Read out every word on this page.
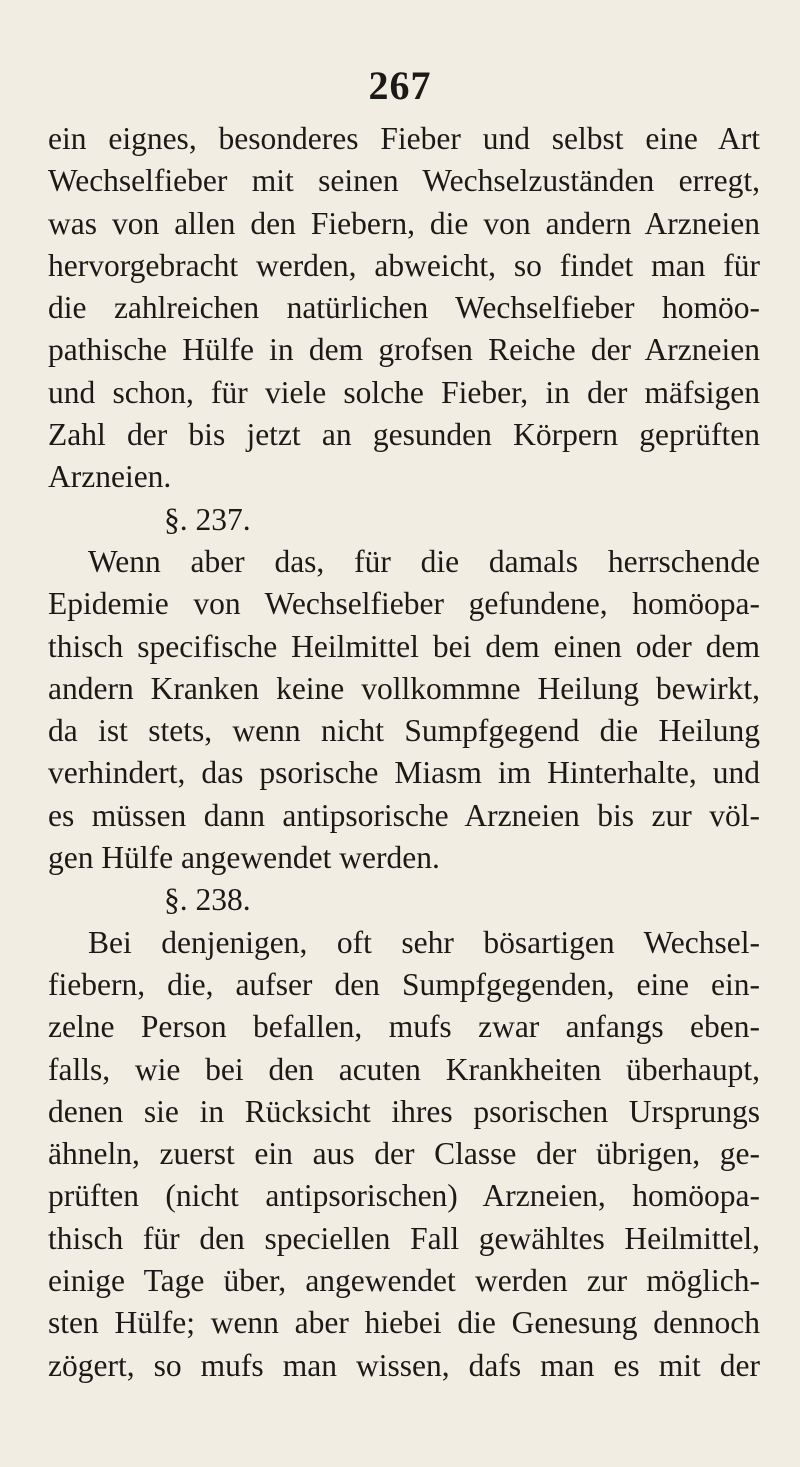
267
ein eignes, besonderes Fieber und selbst eine Art
Wechselfieber mit seinen Wechselzuständen erregt,
was von allen den Fiebern, die von andern Arzneien
hervorgebracht werden, abweicht, so findet man für
die zahlreichen natürlichen Wechselfieber homöo-
pathische Hülfe in dem grofsen Reiche der Arzneien
und schon, für viele solche Fieber, in der mäfsigen
Zahl der bis jetzt an gesunden Körpern geprüften
Arzneien.
§. 237.
Wenn aber das, für die damals herrschende
Epidemie von Wechselfieber gefundene, homöopa-
thisch specifische Heilmittel bei dem einen oder dem
andern Kranken keine vollkommne Heilung bewirkt,
da ist stets, wenn nicht Sumpfgegend die Heilung
verhindert, das psorische Miasm im Hinterhalte, und
es müssen dann antipsorische Arzneien bis zur völ-
gen Hülfe angewendet werden.
§. 238.
Bei denjenigen, oft sehr bösartigen Wechsel-
fiebern, die, aufser den Sumpfgegenden, eine ein-
zelne Person befallen, mufs zwar anfangs eben-
falls, wie bei den acuten Krankheiten überhaupt,
denen sie in Rücksicht ihres psorischen Ursprungs
ähneln, zuerst ein aus der Classe der übrigen, ge-
prüften (nicht antipsorischen) Arzneien, homöopa-
thisch für den speciellen Fall gewähltes Heilmittel,
einige Tage über, angewendet werden zur möglich-
sten Hülfe; wenn aber hiebei die Genesung dennoch
zögert, so mufs man wissen, dafs man es mit der
